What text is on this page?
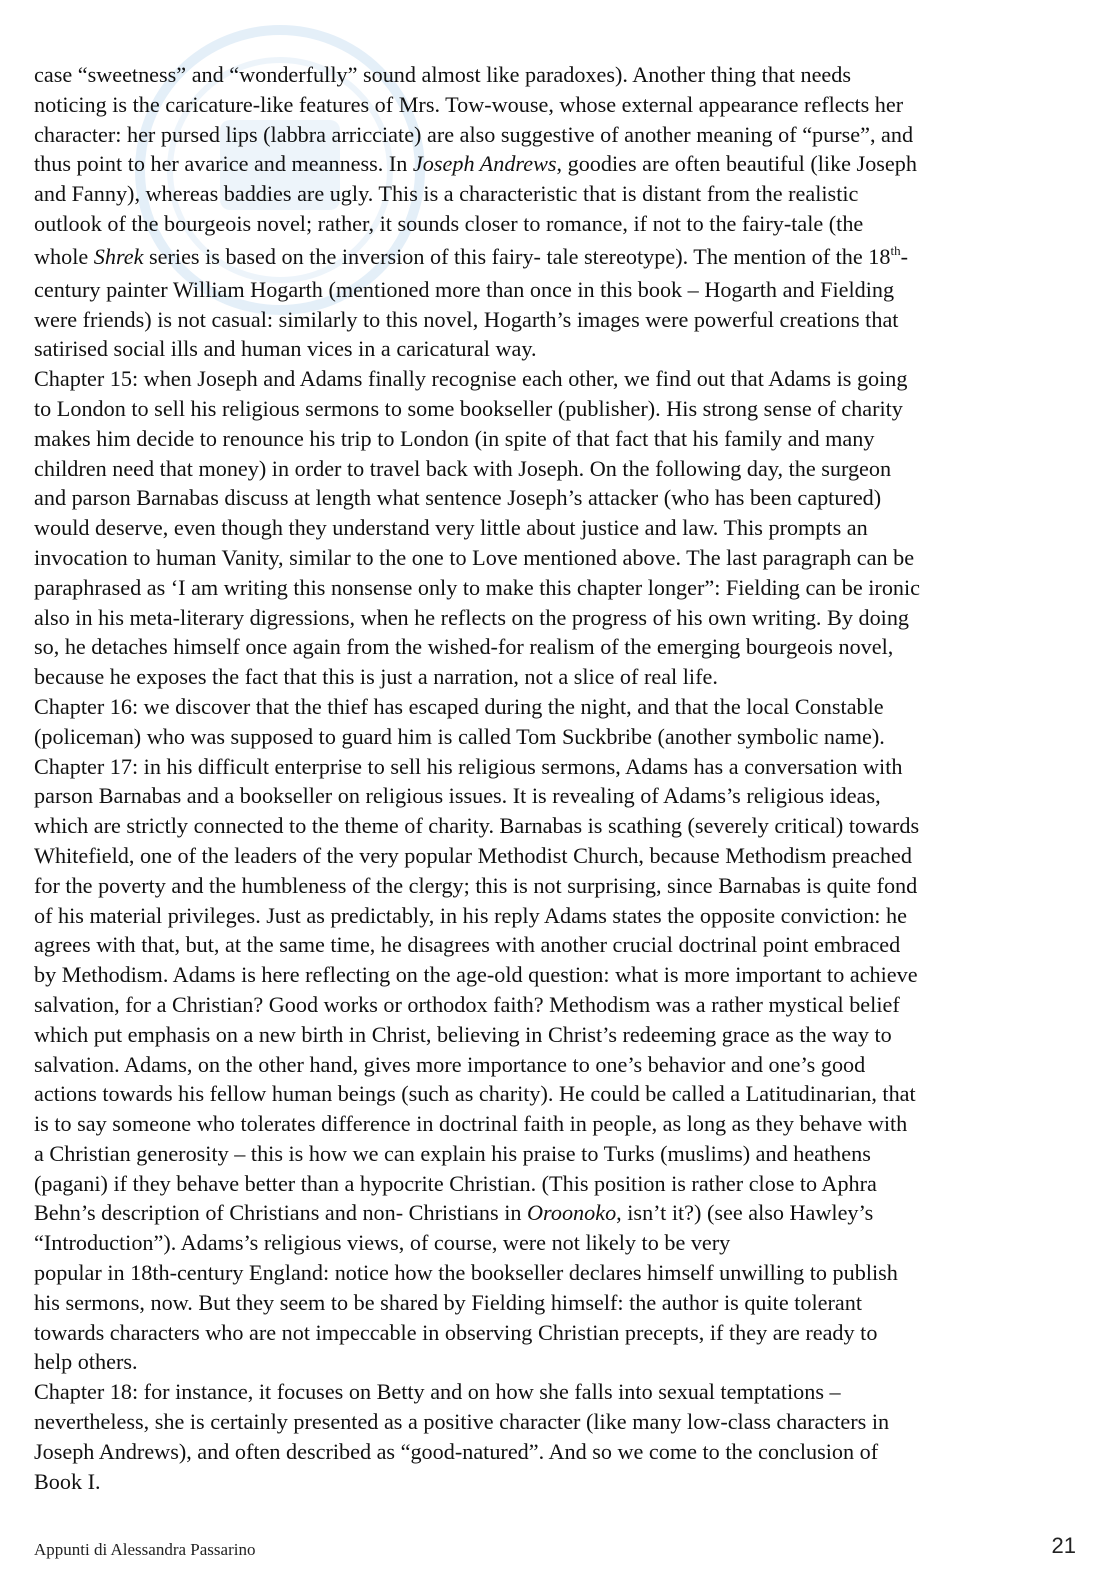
case “sweetness” and “wonderfully” sound almost like paradoxes). Another thing that needs
noticing is the caricature-like features of Mrs. Tow-wouse, whose external appearance reflects her
character: her pursed lips (labbra arricciate) are also suggestive of another meaning of “purse”, and
thus point to her avarice and meanness. In Joseph Andrews, goodies are often beautiful (like Joseph
and Fanny), whereas baddies are ugly. This is a characteristic that is distant from the realistic
outlook of the bourgeois novel; rather, it sounds closer to romance, if not to the fairy-tale (the
whole Shrek series is based on the inversion of this fairy- tale stereotype). The mention of the 18th-
century painter William Hogarth (mentioned more than once in this book – Hogarth and Fielding
were friends) is not casual: similarly to this novel, Hogarth’s images were powerful creations that
satirised social ills and human vices in a caricatural way.
Chapter 15: when Joseph and Adams finally recognise each other, we find out that Adams is going
to London to sell his religious sermons to some bookseller (publisher). His strong sense of charity
makes him decide to renounce his trip to London (in spite of that fact that his family and many
children need that money) in order to travel back with Joseph. On the following day, the surgeon
and parson Barnabas discuss at length what sentence Joseph’s attacker (who has been captured)
would deserve, even though they understand very little about justice and law. This prompts an
invocation to human Vanity, similar to the one to Love mentioned above. The last paragraph can be
paraphrased as ‘I am writing this nonsense only to make this chapter longer”: Fielding can be ironic
also in his meta-literary digressions, when he reflects on the progress of his own writing. By doing
so, he detaches himself once again from the wished-for realism of the emerging bourgeois novel,
because he exposes the fact that this is just a narration, not a slice of real life.
Chapter 16: we discover that the thief has escaped during the night, and that the local Constable
(policeman) who was supposed to guard him is called Tom Suckbribe (another symbolic name).
Chapter 17: in his difficult enterprise to sell his religious sermons, Adams has a conversation with
parson Barnabas and a bookseller on religious issues. It is revealing of Adams’s religious ideas,
which are strictly connected to the theme of charity. Barnabas is scathing (severely critical) towards
Whitefield, one of the leaders of the very popular Methodist Church, because Methodism preached
for the poverty and the humbleness of the clergy; this is not surprising, since Barnabas is quite fond
of his material privileges. Just as predictably, in his reply Adams states the opposite conviction: he
agrees with that, but, at the same time, he disagrees with another crucial doctrinal point embraced
by Methodism. Adams is here reflecting on the age-old question: what is more important to achieve
salvation, for a Christian? Good works or orthodox faith? Methodism was a rather mystical belief
which put emphasis on a new birth in Christ, believing in Christ’s redeeming grace as the way to
salvation. Adams, on the other hand, gives more importance to one’s behavior and one’s good
actions towards his fellow human beings (such as charity). He could be called a Latitudinarian, that
is to say someone who tolerates difference in doctrinal faith in people, as long as they behave with
a Christian generosity – this is how we can explain his praise to Turks (muslims) and heathens
(pagani) if they behave better than a hypocrite Christian. (This position is rather close to Aphra
Behn’s description of Christians and non- Christians in Oroonoko, isn’t it?) (see also Hawley’s
“Introduction”). Adams’s religious views, of course, were not likely to be very
popular in 18th-century England: notice how the bookseller declares himself unwilling to publish
his sermons, now. But they seem to be shared by Fielding himself: the author is quite tolerant
towards characters who are not impeccable in observing Christian precepts, if they are ready to
help others.
Chapter 18: for instance, it focuses on Betty and on how she falls into sexual temptations –
nevertheless, she is certainly presented as a positive character (like many low-class characters in
Joseph Andrews), and often described as “good-natured”. And so we come to the conclusion of
Book I.
Appunti di Alessandra Passarino	21
